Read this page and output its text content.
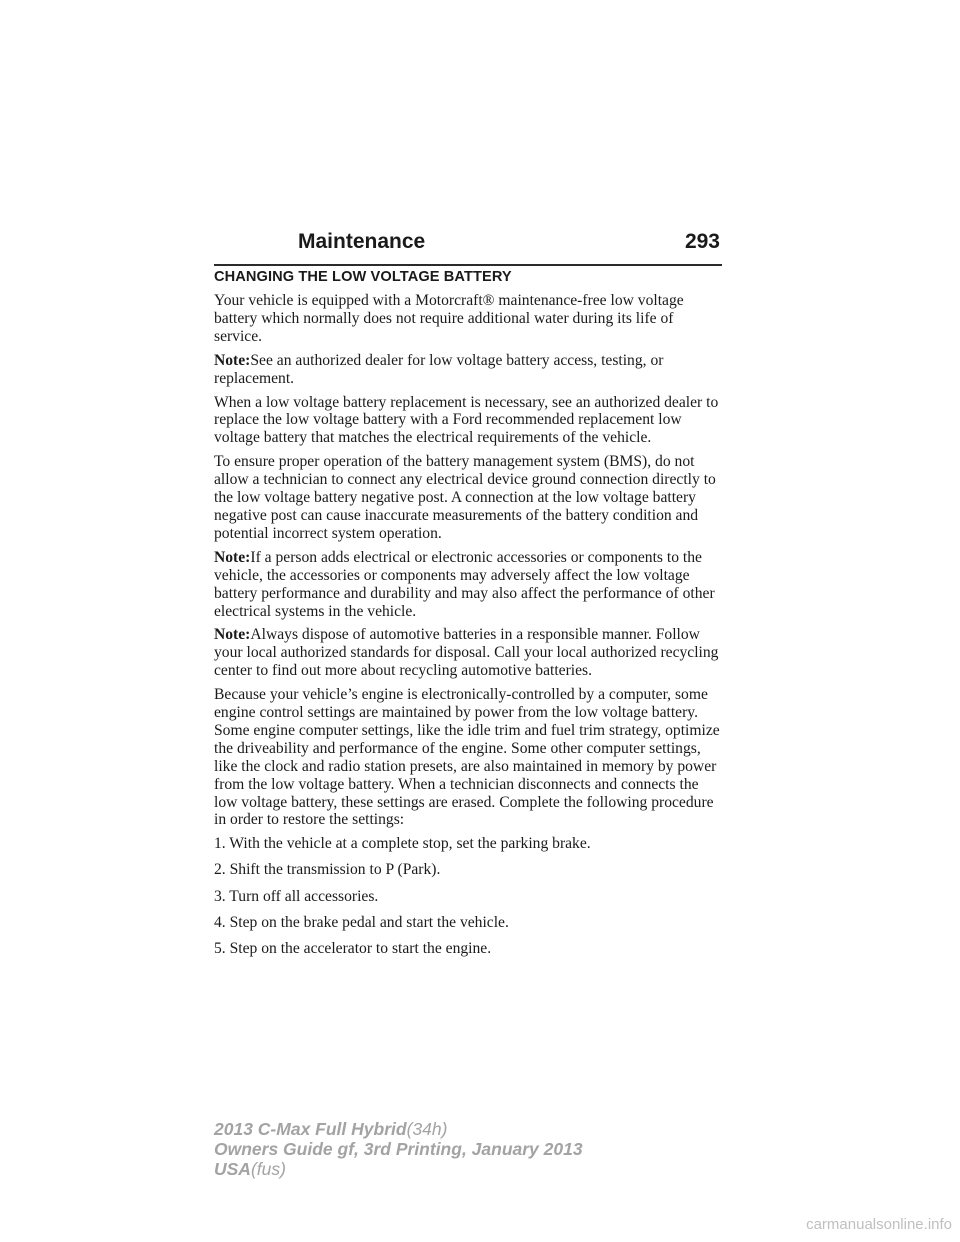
Maintenance	293
CHANGING THE LOW VOLTAGE BATTERY

Your vehicle is equipped with a Motorcraft® maintenance-free low voltage battery which normally does not require additional water during its life of service.

Note:See an authorized dealer for low voltage battery access, testing, or replacement.

When a low voltage battery replacement is necessary, see an authorized dealer to replace the low voltage battery with a Ford recommended replacement low voltage battery that matches the electrical requirements of the vehicle.

To ensure proper operation of the battery management system (BMS), do not allow a technician to connect any electrical device ground connection directly to the low voltage battery negative post. A connection at the low voltage battery negative post can cause inaccurate measurements of the battery condition and potential incorrect system operation.

Note:If a person adds electrical or electronic accessories or components to the vehicle, the accessories or components may adversely affect the low voltage battery performance and durability and may also affect the performance of other electrical systems in the vehicle.

Note:Always dispose of automotive batteries in a responsible manner. Follow your local authorized standards for disposal. Call your local authorized recycling center to find out more about recycling automotive batteries.

Because your vehicle’s engine is electronically-controlled by a computer, some engine control settings are maintained by power from the low voltage battery. Some engine computer settings, like the idle trim and fuel trim strategy, optimize the driveability and performance of the engine. Some other computer settings, like the clock and radio station presets, are also maintained in memory by power from the low voltage battery. When a technician disconnects and connects the low voltage battery, these settings are erased. Complete the following procedure in order to restore the settings:

1. With the vehicle at a complete stop, set the parking brake.

2. Shift the transmission to P (Park).

3. Turn off all accessories.

4. Step on the brake pedal and start the vehicle.

5. Step on the accelerator to start the engine.

2013 C-Max Full Hybrid(34h)
Owners Guide gf, 3rd Printing, January 2013
USA(fus)
carmanualsonline.info
